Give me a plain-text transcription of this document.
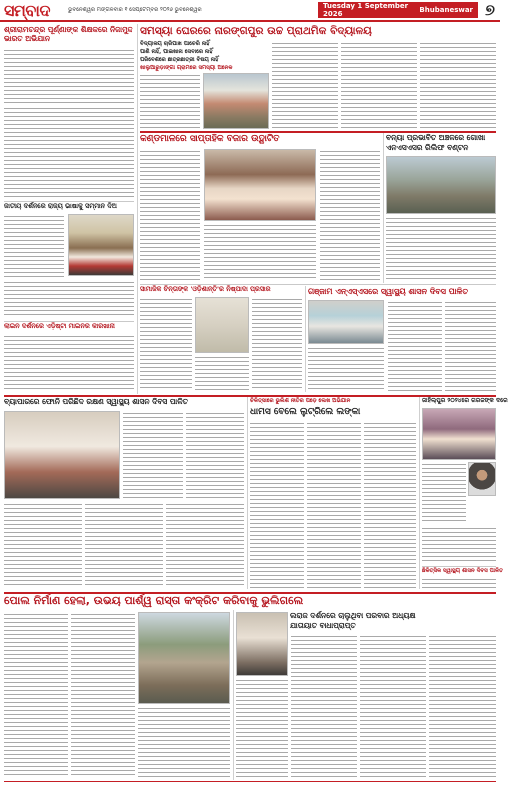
ସମ୍ବାଦ	ଭୁବନେଶ୍ୱର ମଙ୍ଗଳବାର ୧ ସେପ୍ଟେମ୍ବର ୨୦୨୬ ଭୁବନେଶ୍ୱର	Tuesday 1 September 2026	Bhubaneswar ୭
ଶ୍ରୀରାମଚନ୍ଦ୍ର ପୂର୍ଣ୍ଣାଙ୍କ ଶିକ୍ଷକରେ ନିଜାମୁଦ୍ଦ ଭାରତ ଅଭିଯାନ
ଜାତୀୟ ଦର୍ଶନରେ ରାଜ୍ୟ ଭାଷାକୁ ସମ୍ମାନ ଦିଅ
ଲାଇନ ଦର୍ଶନରେ ଏଡ଼ିଷ୍ଟା ମାଇନର କାରଖାନା
ସମସ୍ୟା ଘେରରେ ନାରଙ୍ଗପୁର ଉଚ୍ଚ ପ୍ରାଥମିକ ବିଦ୍ୟାଳୟ
ବିଦ୍ୟାଳୟ ଚାରିପାଖ ପାଚେରି ନାହିଁ
ପାଣି ନାହିଁ, ପାଇଖାନା ସେବାରେ ନାହିଁ
ପରିବେଶରେ ଛାତ୍ରଛାତ୍ରୀ ବିଷୟ ନାହିଁ
ଖାଲୁଆରୁଡ଼ାଙ୍ଗା ଗ୍ରାମରେ ସମସ୍ୟା ଅନେକ
କଣ୍ଡମାଳରେ ସାପ୍ତାହିକ ବଜାର ଉଦ୍ଘାଟିତ	ବନ୍ୟା ପ୍ରଭାବିତ ଅଞ୍ଚଳରେ ଗୋଖା
ଏନଏସଏସର ରିଲିଫ ବଣ୍ଟନ
ସାମାଜିକ ଚିନ୍ତାଙ୍କ 'ଓଡ଼ିଶାନ୍ତି'ର ନିଷ୍ପାଦା ପ୍ରସାର	ଗଞ୍ଜାମ ଏନ୍ଏସ୍‌ଏସରେ ସ୍ୱାସ୍ଥ୍ୟ ଶାସନ ଦିବସ ପାଳିତ
ବ୍ୟାପାରରେ ଫୋନି ପରିଛିଦ ରକ୍ଷଣ ସ୍ୱାସ୍ଥ୍ୟ ଶାସନ ଦିବସ ପାଳିତ	ଚିକିତ୍ସାରେ ଭୁଲିଶ ନୀତିର ପଡ଼େ ଲେଖ ଅଭିଯାନ
ଧାମସ ବେଲେ ଲୁଟ୍ରିଲେ ଲଙ୍କା
ଜାହିଲ୍ପୁର ୨୦୨୪ରେ ଗରଜଙ୍କ ଦରେ
ଛିକିତ୍ସିକ ସ୍ୱାସ୍ଥ୍ୟ ଶାସନ ଦିବସ ପାଳିତ
ପୋଲ ନିର୍ମାଣ ହେଲା, ଉଭୟ ପାର୍ଶ୍ୱ ରାସ୍ତା କଂକ୍ରିଟ କରିବାକୁ ଭୁଲିଗଲେ
ଲରାଜ ଦର୍ଶନରେ ଚାଲୁଥିବା ପରବାର ଅଧ୍ୟକ୍ଷ
ଯାତାୟାତ ବାଧାପ୍ରାପ୍ତ
